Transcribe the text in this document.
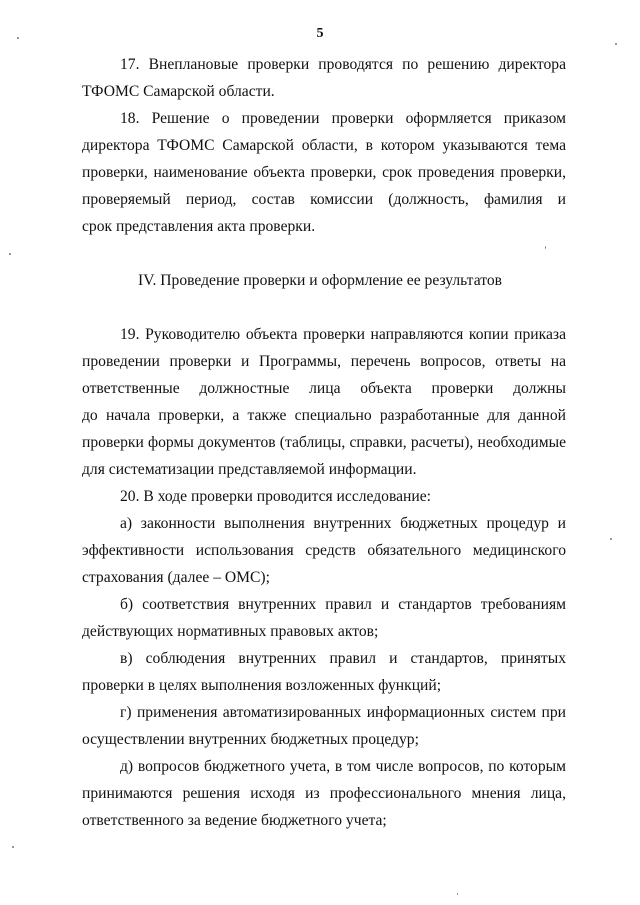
5
17. Внеплановые проверки проводятся по решению директора
ТФОМС Самарской области.
18. Решение о проведении проверки оформляется приказом
директора ТФОМС Самарской области, в котором указываются тема
проверки, наименование объекта проверки, срок проведения проверки,
проверяемый период, состав комиссии (должность, фамилия и
срок представления акта проверки.
IV. Проведение проверки и оформление ее результатов
19. Руководителю объекта проверки направляются копии приказа
проведении проверки и Программы, перечень вопросов, ответы на
ответственные должностные лица объекта проверки должны
до начала проверки, а также специально разработанные для данной
проверки формы документов (таблицы, справки, расчеты), необходимые
для систематизации представляемой информации.
20. В ходе проверки проводится исследование:
а) законности выполнения внутренних бюджетных процедур и
эффективности использования средств обязательного медицинского
страхования (далее – ОМС);
б) соответствия внутренних правил и стандартов требованиям
действующих нормативных правовых актов;
в) соблюдения внутренних правил и стандартов, принятых
проверки в целях выполнения возложенных функций;
г) применения автоматизированных информационных систем при
осуществлении внутренних бюджетных процедур;
д) вопросов бюджетного учета, в том числе вопросов, по которым
принимаются решения исходя из профессионального мнения лица,
ответственного за ведение бюджетного учета;
